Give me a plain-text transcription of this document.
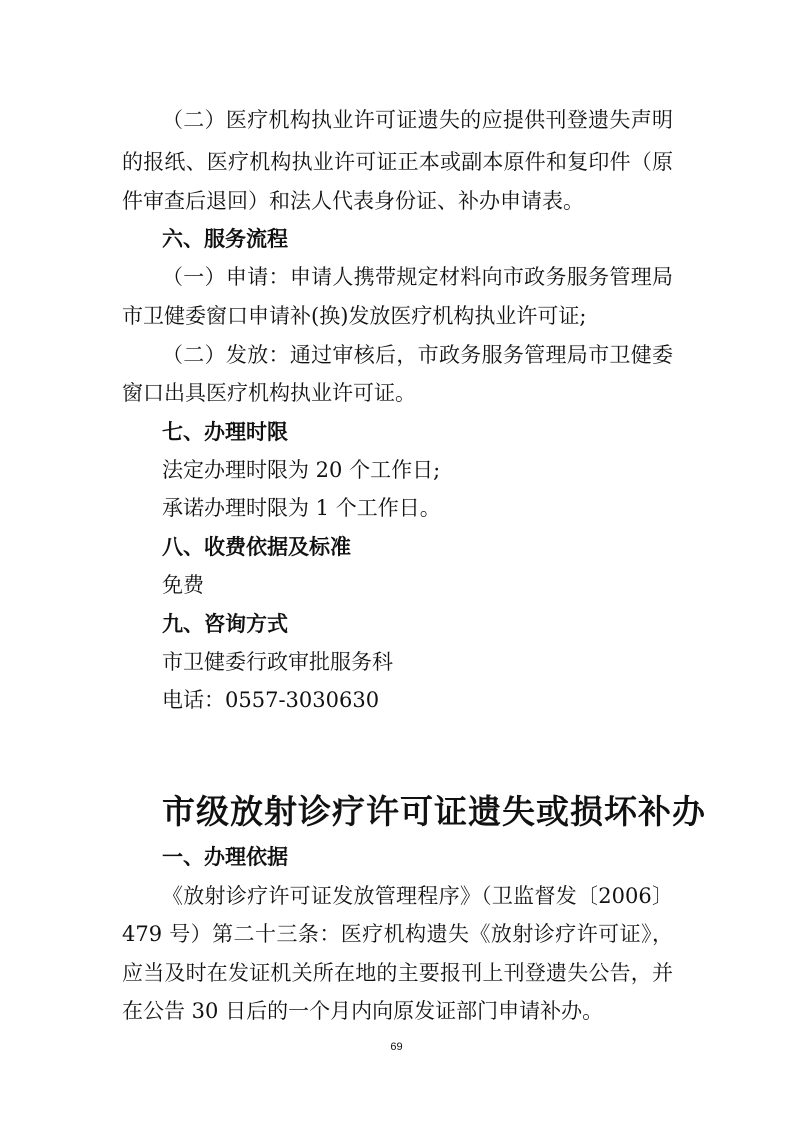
（二）医疗机构执业许可证遗失的应提供刊登遗失声明
的报纸、医疗机构执业许可证正本或副本原件和复印件（原
件审查后退回）和法人代表身份证、补办申请表。
六、服务流程
（一）申请：申请人携带规定材料向市政务服务管理局
市卫健委窗口申请补(换)发放医疗机构执业许可证;
（二）发放：通过审核后，市政务服务管理局市卫健委
窗口出具医疗机构执业许可证。
七、办理时限
法定办理时限为 20 个工作日;
承诺办理时限为 1 个工作日。
八、收费依据及标准
免费
九、咨询方式
市卫健委行政审批服务科
电话：0557-3030630
市级放射诊疗许可证遗失或损坏补办
一、办理依据
《放射诊疗许可证发放管理程序》（卫监督发〔2006〕
479 号）第二十三条：医疗机构遗失《放射诊疗许可证》，
应当及时在发证机关所在地的主要报刊上刊登遗失公告，并
在公告 30 日后的一个月内向原发证部门申请补办。
69
